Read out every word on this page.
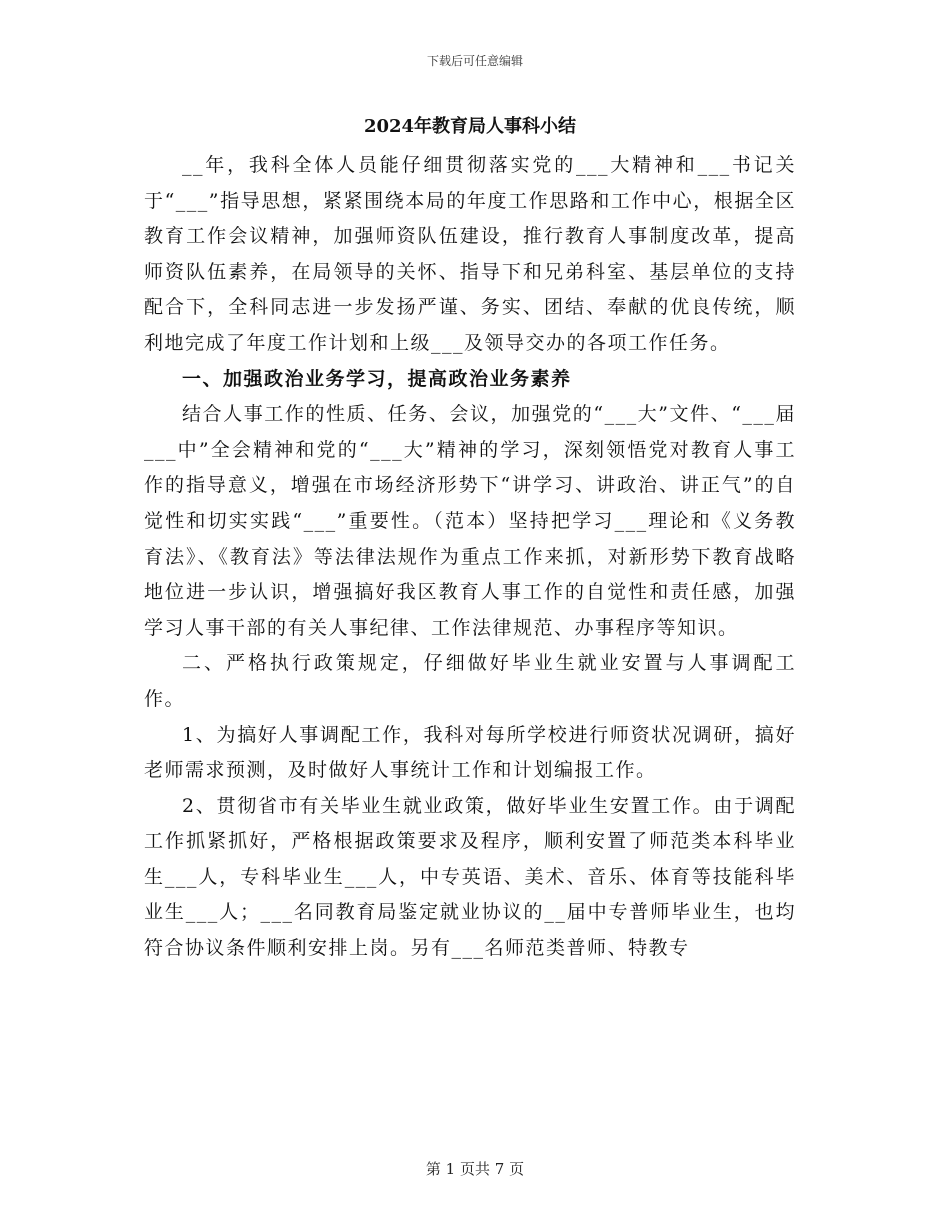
下载后可任意编辑
2024年教育局人事科小结

__年，我科全体人员能仔细贯彻落实党的___大精神和___书记关于“___”指导思想，紧紧围绕本局的年度工作思路和工作中心，根据全区教育工作会议精神，加强师资队伍建设，推行教育人事制度改革，提高师资队伍素养，在局领导的关怀、指导下和兄弟科室、基层单位的支持配合下，全科同志进一步发扬严谨、务实、团结、奉献的优良传统，顺利地完成了年度工作计划和上级___及领导交办的各项工作任务。

一、加强政治业务学习，提高政治业务素养

结合人事工作的性质、任务、会议，加强党的“___大”文件、“___届___中”全会精神和党的“___大”精神的学习，深刻领悟党对教育人事工作的指导意义，增强在市场经济形势下“讲学习、讲政治、讲正气”的自觉性和切实实践“___”重要性。（范本）坚持把学习___理论和《义务教育法》、《教育法》等法律法规作为重点工作来抓，对新形势下教育战略地位进一步认识，增强搞好我区教育人事工作的自觉性和责任感，加强学习人事干部的有关人事纪律、工作法律规范、办事程序等知识。

二、严格执行政策规定，仔细做好毕业生就业安置与人事调配工作。

1、为搞好人事调配工作，我科对每所学校进行师资状况调研，搞好老师需求预测，及时做好人事统计工作和计划编报工作。

2、贯彻省市有关毕业生就业政策，做好毕业生安置工作。由于调配工作抓紧抓好，严格根据政策要求及程序，顺利安置了师范类本科毕业生___人，专科毕业生___人，中专英语、美术、音乐、体育等技能科毕业生___人；___名同教育局鉴定就业协议的__届中专普师毕业生，也均符合协议条件顺利安排上岗。另有___名师范类普师、特教专

第 1 页共 7 页
